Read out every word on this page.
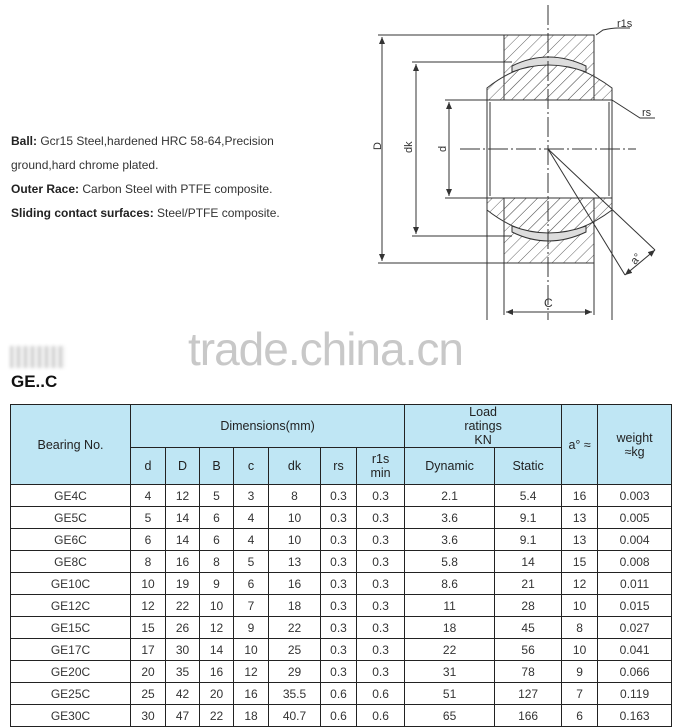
D dk d
C
r1s
rs
a°
Ball: Gcr15 Steel,hardened HRC 58-64,Precision
ground,hard chrome plated.
Outer Race: Carbon Steel with PTFE composite.
Sliding contact surfaces: Steel/PTFE composite.
trade.china.cn
GE..C
Bearing No.	Dimensions(mm)							Load ratings KN		a° ≈	weight ≈kg
	d	D	B	c	dk	rs	r1s min	Dynamic	Static		
GE4C	4	12	5	3	8	0.3	0.3	2.1	5.4	16	0.003
GE5C	5	14	6	4	10	0.3	0.3	3.6	9.1	13	0.005
GE6C	6	14	6	4	10	0.3	0.3	3.6	9.1	13	0.004
GE8C	8	16	8	5	13	0.3	0.3	5.8	14	15	0.008
GE10C	10	19	9	6	16	0.3	0.3	8.6	21	12	0.011
GE12C	12	22	10	7	18	0.3	0.3	11	28	10	0.015
GE15C	15	26	12	9	22	0.3	0.3	18	45	8	0.027
GE17C	17	30	14	10	25	0.3	0.3	22	56	10	0.041
GE20C	20	35	16	12	29	0.3	0.3	31	78	9	0.066
GE25C	25	42	20	16	35.5	0.6	0.6	51	127	7	0.119
GE30C	30	47	22	18	40.7	0.6	0.6	65	166	6	0.163
